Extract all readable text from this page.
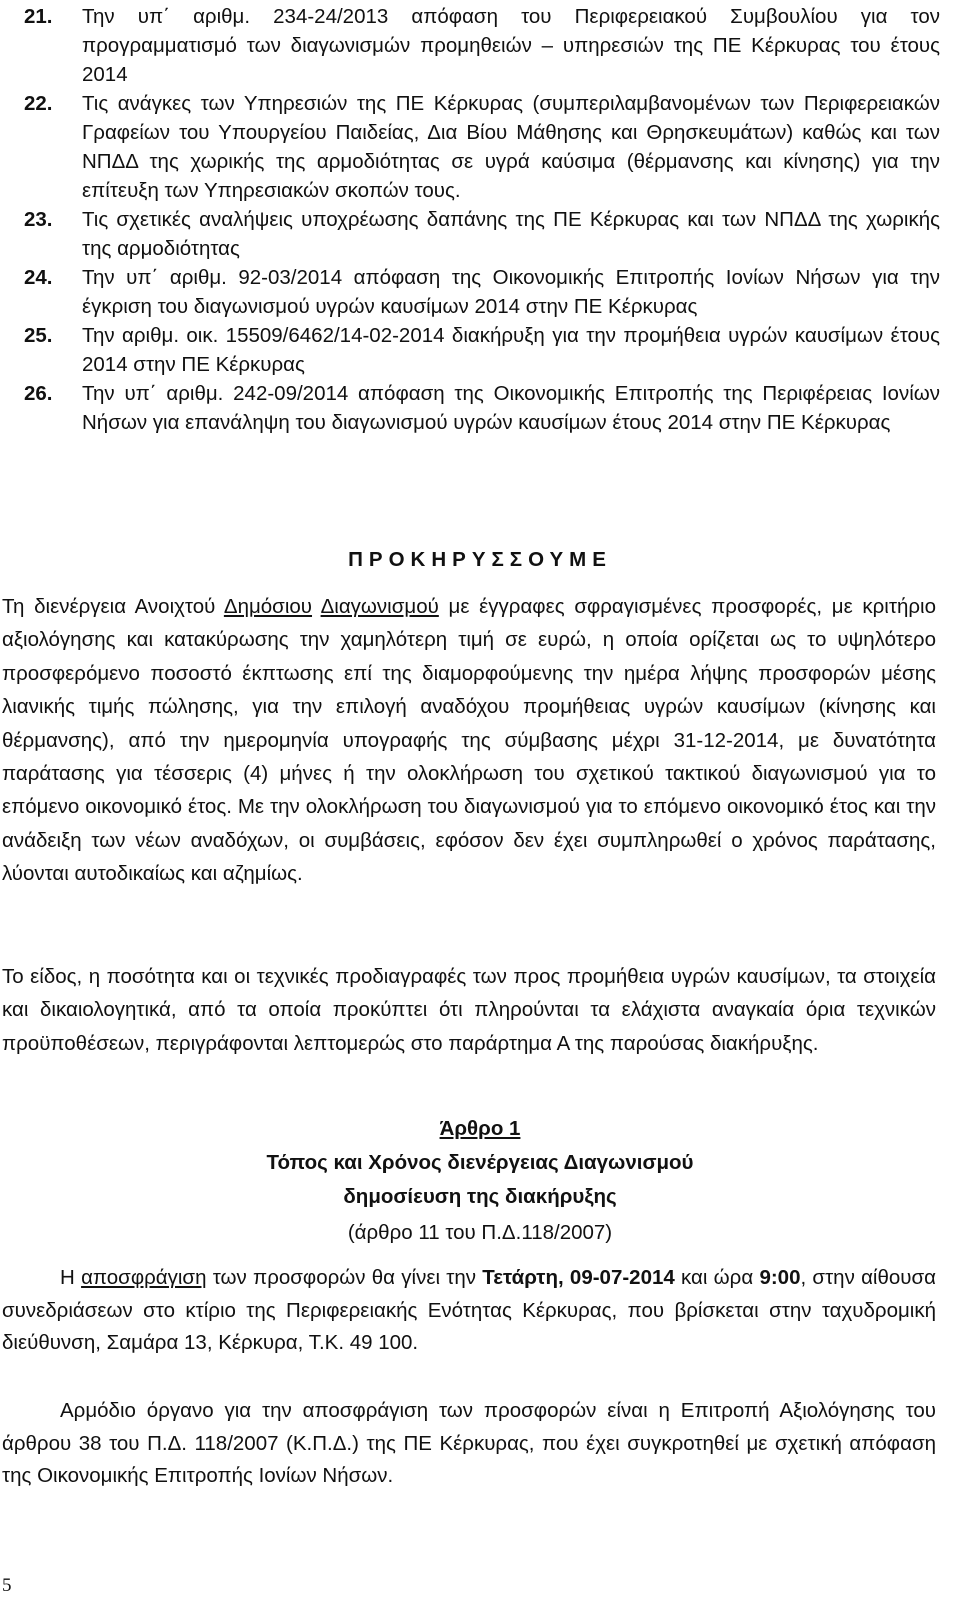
21. Την υπ΄ αριθμ. 234-24/2013 απόφαση του Περιφερειακού Συμβουλίου για τον προγραμματισμό των διαγωνισμών προμηθειών – υπηρεσιών της ΠΕ Κέρκυρας του έτους 2014
22. Τις ανάγκες των Υπηρεσιών της ΠΕ Κέρκυρας (συμπεριλαμβανομένων των Περιφερειακών Γραφείων του Υπουργείου Παιδείας, Δια Βίου Μάθησης και Θρησκευμάτων) καθώς και των ΝΠΔΔ της χωρικής της αρμοδιότητας σε υγρά καύσιμα (θέρμανσης και κίνησης) για την επίτευξη των Υπηρεσιακών σκοπών τους.
23. Τις σχετικές αναλήψεις υποχρέωσης δαπάνης της ΠΕ Κέρκυρας και των ΝΠΔΔ της χωρικής της αρμοδιότητας
24. Την υπ΄ αριθμ. 92-03/2014 απόφαση της Οικονομικής Επιτροπής Ιονίων Νήσων για την έγκριση του διαγωνισμού υγρών καυσίμων 2014 στην ΠΕ Κέρκυρας
25. Την αριθμ. οικ. 15509/6462/14-02-2014 διακήρυξη για την προμήθεια υγρών καυσίμων έτους 2014 στην ΠΕ Κέρκυρας
26. Την υπ΄ αριθμ. 242-09/2014 απόφαση της Οικονομικής Επιτροπής της Περιφέρειας Ιονίων Νήσων για επανάληψη του διαγωνισμού υγρών καυσίμων έτους 2014 στην ΠΕ Κέρκυρας
ΠΡΟΚΗΡΥΣΣΟΥΜΕ
Τη διενέργεια Ανοιχτού Δημόσιου Διαγωνισμού με έγγραφες σφραγισμένες προσφορές, με κριτήριο αξιολόγησης και κατακύρωσης την χαμηλότερη τιμή σε ευρώ, η οποία ορίζεται ως το υψηλότερο προσφερόμενο ποσοστό έκπτωσης επί της διαμορφούμενης την ημέρα λήψης προσφορών μέσης λιανικής τιμής πώλησης, για την επιλογή αναδόχου προμήθειας υγρών καυσίμων (κίνησης και θέρμανσης), από την ημερομηνία υπογραφής της σύμβασης μέχρι 31-12-2014, με δυνατότητα παράτασης για τέσσερις (4) μήνες ή την ολοκλήρωση του σχετικού τακτικού διαγωνισμού για το επόμενο οικονομικό έτος. Με την ολοκλήρωση του διαγωνισμού για το επόμενο οικονομικό έτος και την ανάδειξη των νέων αναδόχων, οι συμβάσεις, εφόσον δεν έχει συμπληρωθεί ο χρόνος παράτασης, λύονται αυτοδικαίως και αζημίως.
Το είδος, η ποσότητα και οι τεχνικές προδιαγραφές των προς προμήθεια υγρών καυσίμων, τα στοιχεία και δικαιολογητικά, από τα οποία προκύπτει ότι πληρούνται τα ελάχιστα αναγκαία όρια τεχνικών προϋποθέσεων, περιγράφονται λεπτομερώς στο παράρτημα Α της παρούσας διακήρυξης.
Άρθρο 1
Τόπος και Χρόνος διενέργειας Διαγωνισμού
δημοσίευση της διακήρυξης
(άρθρο 11 του Π.Δ.118/2007)
Η αποσφράγιση των προσφορών θα γίνει την Τετάρτη, 09-07-2014 και ώρα 9:00, στην αίθουσα συνεδριάσεων στο κτίριο της Περιφερειακής Ενότητας Κέρκυρας, που βρίσκεται στην ταχυδρομική διεύθυνση, Σαμάρα 13, Κέρκυρα, Τ.Κ. 49 100.
Αρμόδιο όργανο για την αποσφράγιση των προσφορών είναι η Επιτροπή Αξιολόγησης του άρθρου 38 του Π.Δ. 118/2007 (Κ.Π.Δ.) της ΠΕ Κέρκυρας, που έχει συγκροτηθεί με σχετική απόφαση της Οικονομικής Επιτροπής Ιονίων Νήσων.
5
